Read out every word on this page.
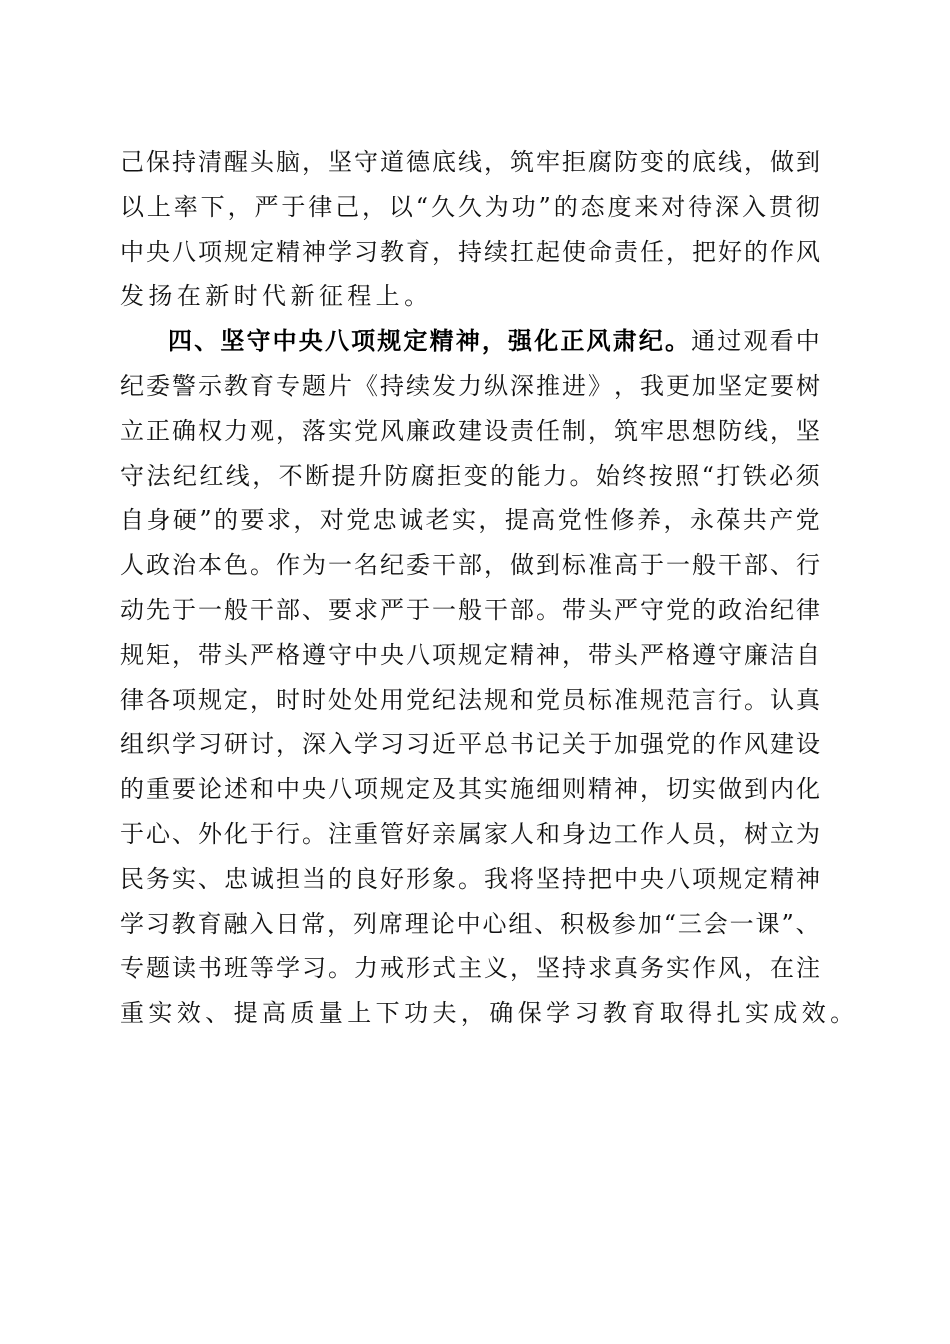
己 保 持 清 醒 头 脑 ， 坚 守 道 德 底 线 ， 筑 牢 拒 腐 防 变 的 底 线 ， 做 到
以 上 率 下 ， 严 于 律 己 ， 以 “ 久 久 为 功 ” 的 态 度 来 对 待 深 入 贯 彻
中 央 八 项 规 定 精 神 学 习 教 育 ， 持 续 扛 起 使 命 责 任 ， 把 好 的 作 风
发 扬 在 新 时 代 新 征 程 上 。
四 、 坚 守 中 央 八 项 规 定 精 神 ， 强 化 正 风 肃 纪 。 通 过 观 看 中
纪 委 警 示 教 育 专 题 片 《 持 续 发 力 纵 深 推 进 》 ， 我 更 加 坚 定 要 树
立 正 确 权 力 观 ， 落 实 党 风 廉 政 建 设 责 任 制 ， 筑 牢 思 想 防 线 ， 坚
守 法 纪 红 线 ， 不 断 提 升 防 腐 拒 变 的 能 力 。 始 终 按 照 “ 打 铁 必 须
自 身 硬 ” 的 要 求 ， 对 党 忠 诚 老 实 ， 提 高 党 性 修 养 ， 永 葆 共 产 党
人 政 治 本 色 。 作 为 一 名 纪 委 干 部 ， 做 到 标 准 高 于 一 般 干 部 、 行
动 先 于 一 般 干 部 、 要 求 严 于 一 般 干 部 。 带 头 严 守 党 的 政 治 纪 律
规 矩 ， 带 头 严 格 遵 守 中 央 八 项 规 定 精 神 ， 带 头 严 格 遵 守 廉 洁 自
律 各 项 规 定 ， 时 时 处 处 用 党 纪 法 规 和 党 员 标 准 规 范 言 行 。 认 真
组 织 学 习 研 讨 ， 深 入 学 习 习 近 平 总 书 记 关 于 加 强 党 的 作 风 建 设
的 重 要 论 述 和 中 央 八 项 规 定 及 其 实 施 细 则 精 神 ， 切 实 做 到 内 化
于 心 、 外 化 于 行 。 注 重 管 好 亲 属 家 人 和 身 边 工 作 人 员 ， 树 立 为
民 务 实 、 忠 诚 担 当 的 良 好 形 象 。 我 将 坚 持 把 中 央 八 项 规 定 精 神
学 习 教 育 融 入 日 常 ， 列 席 理 论 中 心 组 、 积 极 参 加 “ 三 会 一 课 ” 、
专 题 读 书 班 等 学 习 。 力 戒 形 式 主 义 ， 坚 持 求 真 务 实 作 风 ， 在 注
重 实 效 、 提 高 质 量 上 下 功 夫 ， 确 保 学 习 教 育 取 得 扎 实 成 效 。
